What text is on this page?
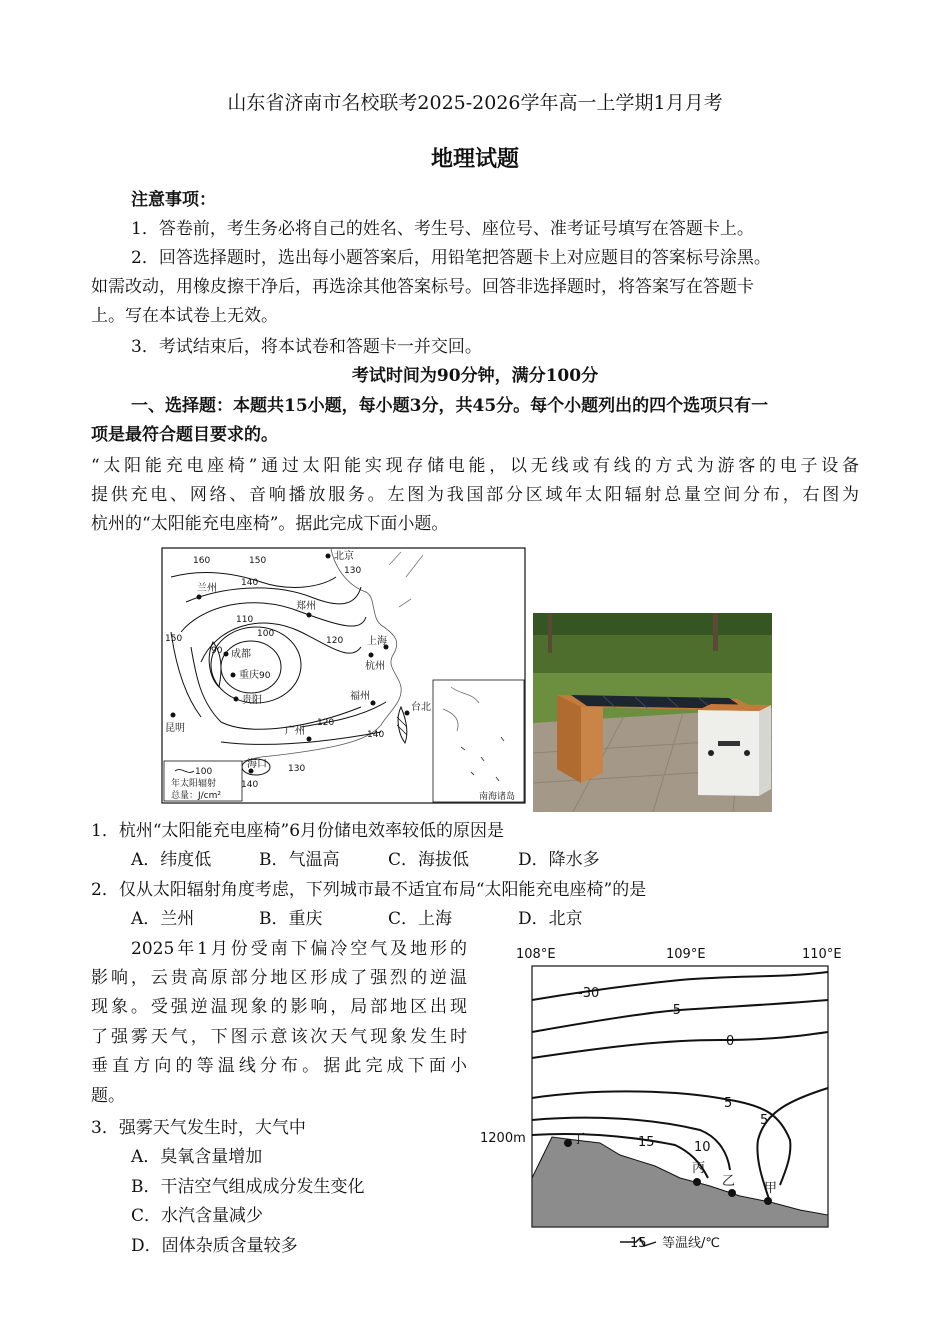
山东省济南市名校联考2025-2026学年高一上学期1月月考
地理试题
注意事项：
1．答卷前，考生务必将自己的姓名、考生号、座位号、准考证号填写在答题卡上。
2．回答选择题时，选出每小题答案后，用铅笔把答题卡上对应题目的答案标号涂黑。
如需改动，用橡皮擦干净后，再选涂其他答案标号。回答非选择题时，将答案写在答题卡
上。写在本试卷上无效。
3．考试结束后，将本试卷和答题卡一并交回。
考试时间为90分钟，满分100分
一、选择题：本题共15小题，每小题3分，共45分。每个小题列出的四个选项只有一
项是最符合题目要求的。
“太阳能充电座椅”通过太阳能实现存储电能，以无线或有线的方式为游客的电子设备
提供充电、网络、音响播放服务。左图为我国部分区域年太阳辐射总量空间分布，右图为
杭州的“太阳能充电座椅”。据此完成下面小题。
100
年太阳辐射
总量：J/cm²	南海诸岛
北京
兰州
郑州
成都
重庆
贵阳
昆明
上海
杭州
福州
台北
广州
海口
160	150
140
130
110
100
90
90
120
150
120
140
130
140
1．杭州“太阳能充电座椅”6月份储电效率较低的原因是
A．纬度低	B．气温高	C．海拔低	D．降水多
2．仅从太阳辐射角度考虑，下列城市最不适宜布局“太阳能充电座椅”的是
A．兰州	B．重庆	C．上海	D．北京
2025年1月份受南下偏冷空气及地形的
影响，云贵高原部分地区形成了强烈的逆温
现象。受强逆温现象的影响，局部地区出现
了强雾天气，下图示意该次天气现象发生时
垂直方向的等温线分布。据此完成下面小
题。
3．强雾天气发生时，大气中
A．臭氧含量增加
B．干洁空气组成成分发生变化
C．水汽含量减少
D．固体杂质含量较多
108°E	109°E	110°E
-30
-5
0
5
5
15	10
1200m	丁
丙
乙 甲
15 等温线/℃
